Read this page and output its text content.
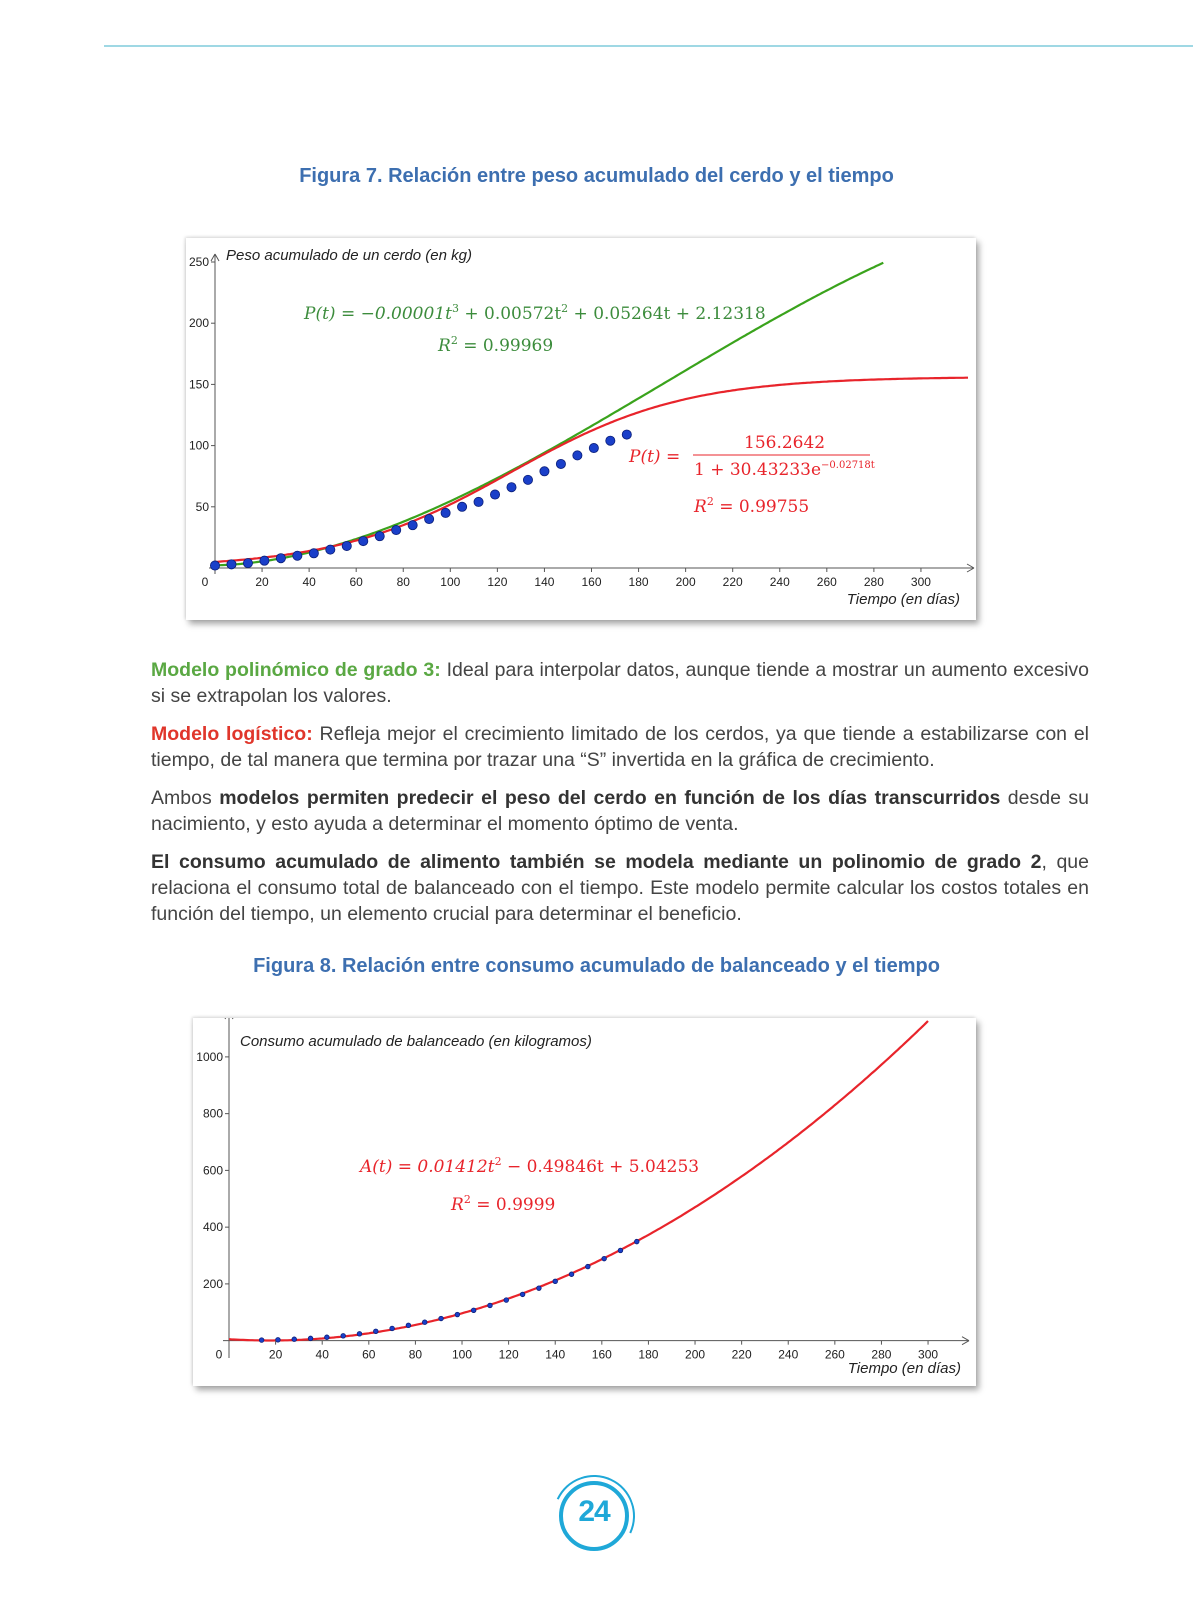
Figura 7. Relación entre peso acumulado del cerdo y el tiempo
0	20	40	60	80	100 120 140 160 180 200 220 240 260 280 300
50
100
150
200
250 Peso acumulado de un cerdo (en kg)
Tiempo (en días)
$P(t) = -0.00001t^3 + 0.00572t^2 + 0.05264t + 2.12318$
$R^2 = 0.99969$
P(t) =
156.2642
$1 + 30.43233e^{-0.02718t}$
$R^2 = 0.99755$

Modelo polinómico de grado 3: Ideal para interpolar datos, aunque tiende a mostrar un aumento excesivo si se extrapolan los valores.

Modelo logístico: Refleja mejor el crecimiento limitado de los cerdos, ya que tiende a estabilizarse con el tiempo, de tal manera que termina por trazar una “S” invertida en la gráfica de crecimiento.

Ambos modelos permiten predecir el peso del cerdo en función de los días transcurridos desde su nacimiento, y esto ayuda a determinar el momento óptimo de venta.

El consumo acumulado de alimento también se modela mediante un polinomio de grado 2, que relaciona el consumo total de balanceado con el tiempo. Este modelo permite calcular los costos totales en función del tiempo, un elemento crucial para determinar el beneficio.

Figura 8. Relación entre consumo acumulado de balanceado y el tiempo
0	20	40	60	80 100 120 140 160 180 200 220 240 260 280 300
200
400
600
800
1000
Consumo acumulado de balanceado (en kilogramos)
Tiempo (en días)
$A(t) = 0.01412t^2 - 0.49846t + 5.04253$
$R^2 = 0.9999$
24
